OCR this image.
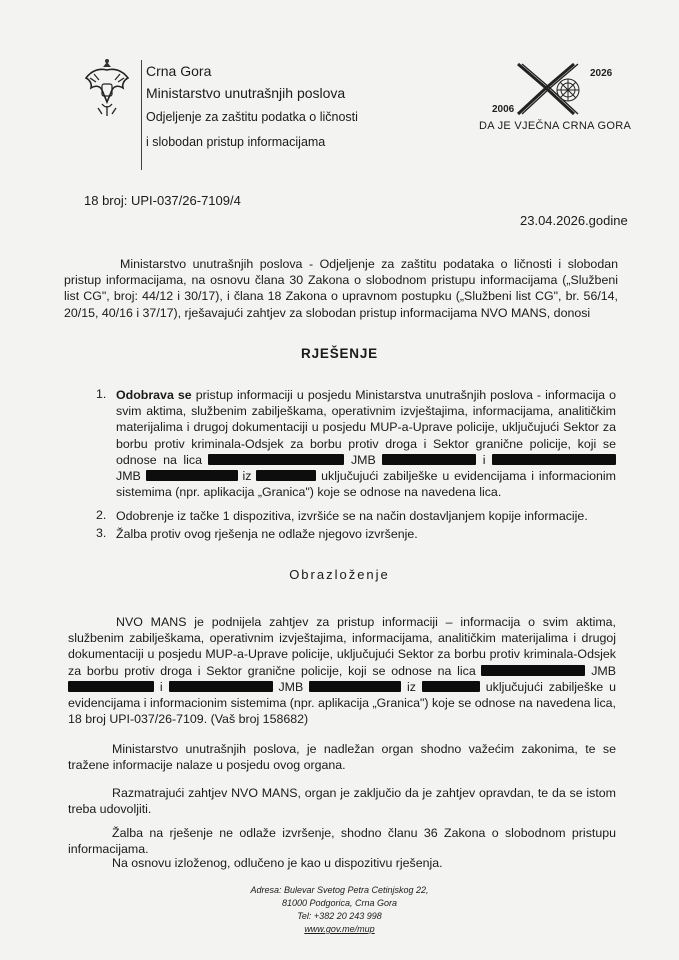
Crna Gora
Ministarstvo unutrašnjih poslova
Odjeljenje za zaštitu podatka o ličnosti
i slobodan pristup informacijama
2026
2006
DA JE VJEČNA CRNA GORA
18 broj: UPI-037/26-7109/4
23.04.2026.godine
Ministarstvo unutrašnjih poslova - Odjeljenje za zaštitu podataka o ličnosti i slobodan pristup informacijama, na osnovu člana 30 Zakona o slobodnom pristupu informacijama („Službeni list CG", broj: 44/12 i 30/17), i člana 18 Zakona o upravnom postupku („Službeni list CG", br. 56/14, 20/15, 40/16 i 37/17), rješavajući zahtjev za slobodan pristup informacijama NVO MANS, donosi
RJEŠENJE
1. Odobrava se pristup informaciji u posjedu Ministarstva unutrašnjih poslova - informacija o svim aktima, službenim zabilješkama, operativnim izvještajima, informacijama, analitičkim materijalima i drugoj dokumentaciji u posjedu MUP-a-Uprave policije, uključujući Sektor za borbu protiv kriminala-Odsjek za borbu protiv droga i Sektor granične policije, koji se odnose na lica	JMB	i  JMB	iz	uključujući zabilješke u evidencijama i informacionim sistemima (npr. aplikacija „Granica") koje se odnose na navedena lica.
2. Odobrenje iz tačke 1 dispozitiva, izvršiće se na način dostavljanjem kopije informacije.
3. Žalba protiv ovog rješenja ne odlaže njegovo izvršenje.
Obrazloženje
NVO MANS je podnijela zahtjev za pristup informaciji – informacija o svim aktima, službenim zabilješkama, operativnim izvještajima, informacijama, analitičkim materijalima i drugoj dokumentaciji u posjedu MUP-a-Uprave policije, uključujući Sektor za borbu protiv kriminala-Odsjek za borbu protiv droga i Sektor granične policije, koji se odnose na lica	JMB  i	JMB	iz	uključujući zabilješke u evidencijama i informacionim sistemima (npr. aplikacija „Granica") koje se odnose na navedena lica, 18 broj UPI-037/26-7109. (Vaš broj 158682)
Ministarstvo unutrašnjih poslova, je nadležan organ shodno važećim zakonima, te se tražene informacije nalaze u posjedu ovog organa.
Razmatrajući zahtjev NVO MANS, organ je zaključio da je zahtjev opravdan, te da se istom treba udovoljiti.
Žalba na rješenje ne odlaže izvršenje, shodno članu 36 Zakona o slobodnom pristupu informacijama.
Na osnovu izloženog, odlučeno je kao u dispozitivu rješenja.
Adresa: Bulevar Svetog Petra Cetinjskog 22,
81000 Podgorica, Crna Gora
Tel: +382 20 243 998
www.gov.me/mup
